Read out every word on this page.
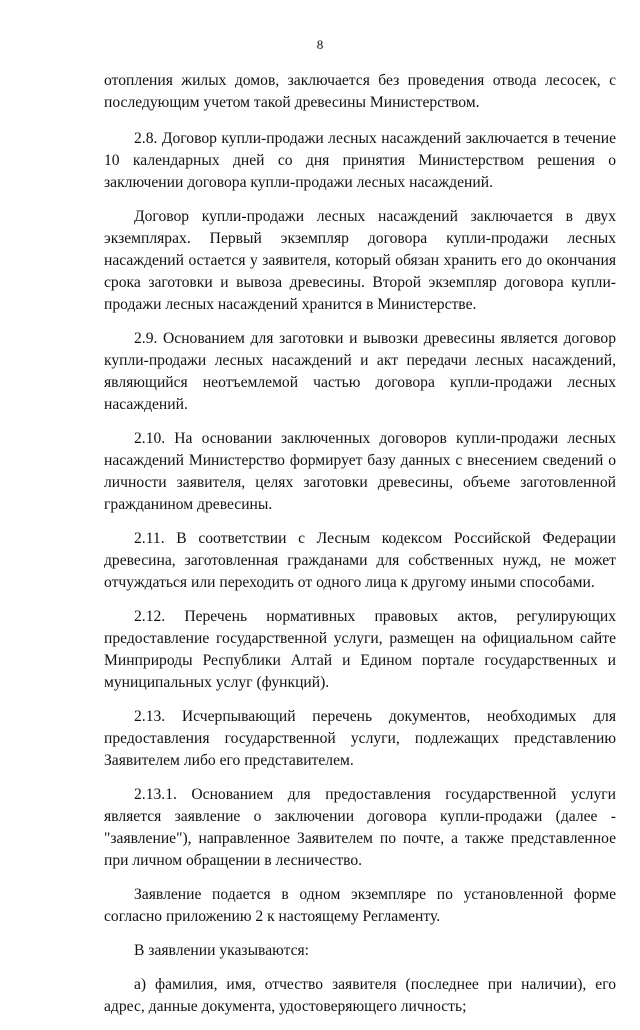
8

отопления жилых домов, заключается без проведения отвода лесосек, с последующим учетом такой древесины Министерством.

2.8. Договор купли-продажи лесных насаждений заключается в течение 10 календарных дней со дня принятия Министерством решения о заключении договора купли-продажи лесных насаждений.

Договор купли-продажи лесных насаждений заключается в двух экземплярах. Первый экземпляр договора купли-продажи лесных насаждений остается у заявителя, который обязан хранить его до окончания срока заготовки и вывоза древесины. Второй экземпляр договора купли-продажи лесных насаждений хранится в Министерстве.

2.9. Основанием для заготовки и вывозки древесины является договор купли-продажи лесных насаждений и акт передачи лесных насаждений, являющийся неотъемлемой частью договора купли-продажи лесных насаждений.

2.10. На основании заключенных договоров купли-продажи лесных насаждений Министерство формирует базу данных с внесением сведений о личности заявителя, целях заготовки древесины, объеме заготовленной гражданином древесины.

2.11. В соответствии с Лесным кодексом Российской Федерации древесина, заготовленная гражданами для собственных нужд, не может отчуждаться или переходить от одного лица к другому иными способами.

2.12. Перечень нормативных правовых актов, регулирующих предоставление государственной услуги, размещен на официальном сайте Минприроды Республики Алтай и Едином портале государственных и муниципальных услуг (функций).

2.13. Исчерпывающий перечень документов, необходимых для предоставления государственной услуги, подлежащих представлению Заявителем либо его представителем.

2.13.1. Основанием для предоставления государственной услуги является заявление о заключении договора купли-продажи (далее - "заявление"), направленное Заявителем по почте, а также представленное при личном обращении в лесничество.

Заявление подается в одном экземпляре по установленной форме согласно приложению 2 к настоящему Регламенту.

В заявлении указываются:

а) фамилия, имя, отчество заявителя (последнее при наличии), его адрес, данные документа, удостоверяющего личность;
